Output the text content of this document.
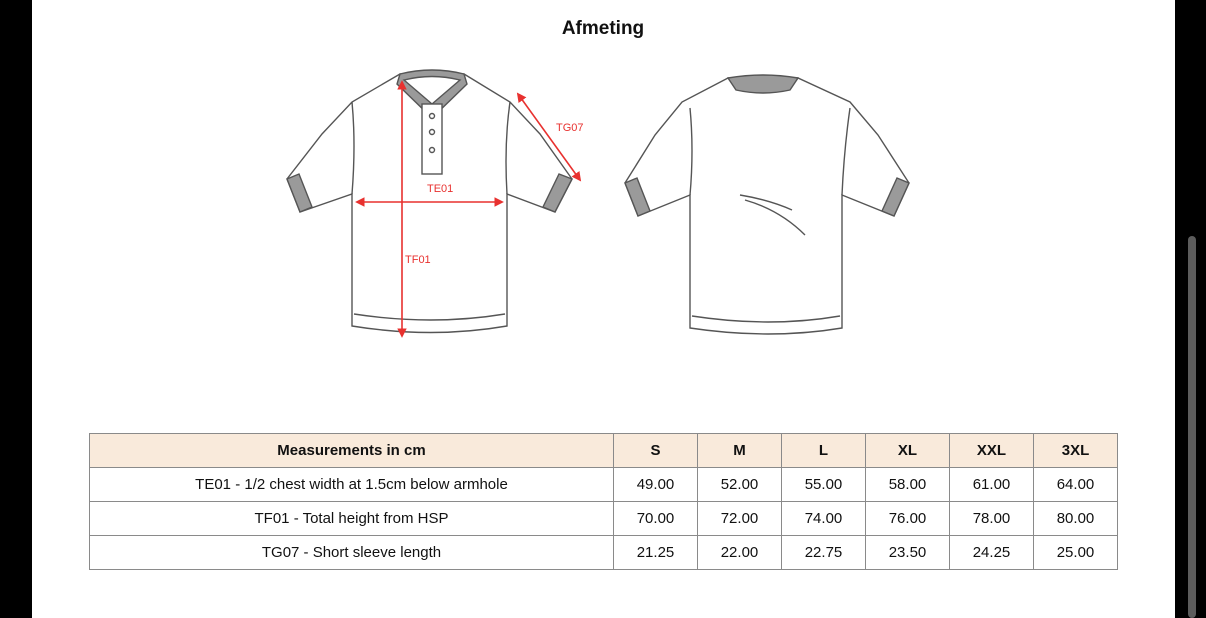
Afmeting
TE01
TF01
TG07
Measurements in cm	S	M	L	XL	XXL	3XL
TE01 - 1/2 chest width at 1.5cm below armhole	49.00	52.00	55.00	58.00	61.00	64.00
TF01 - Total height from HSP	70.00	72.00	74.00	76.00	78.00	80.00
TG07 - Short sleeve length	21.25	22.00	22.75	23.50	24.25	25.00
